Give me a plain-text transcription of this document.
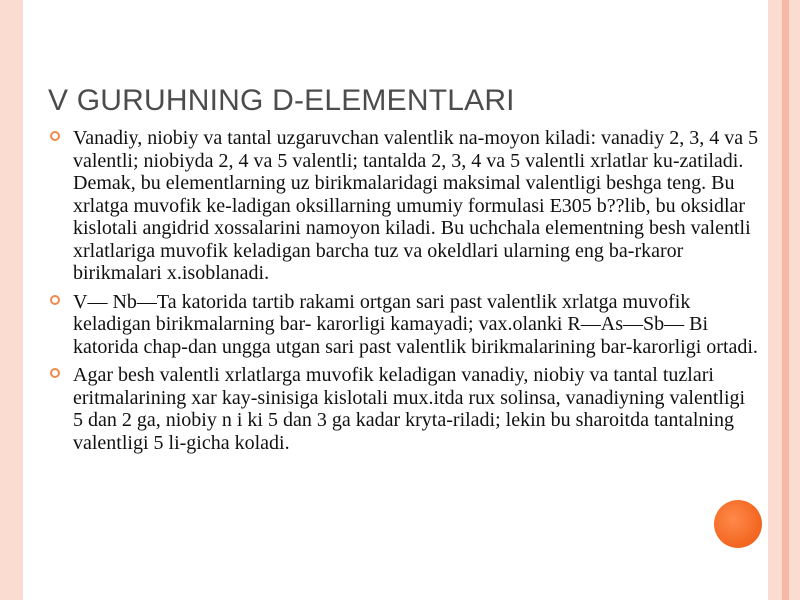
V GURUHNING D-ELEMENTLARI
Vanadiy, niobiy va tantal uzgaruvchan valentlik na-moyon kiladi: vanadiy 2, 3, 4 va 5 valentli; niobiyda 2, 4 va 5 valentli; tantalda 2, 3, 4 va 5 valentli xrlatlar ku-zatiladi. Demak, bu elementlarning uz birikmalaridagi maksimal valentligi beshga teng. Bu xrlatga muvofik ke-ladigan oksillarning umumiy formulasi E305 b??lib, bu oksidlar kislotali angidrid xossalarini namoyon kiladi. Bu uchchala elementning besh valentli xrlatlariga muvofik keladigan barcha tuz va okeldlari ularning eng ba-rkaror birikmalari x.isoblanadi.
V— Nb—Ta katorida tartib rakami ortgan sari past valentlik xrlatga muvofik keladigan birikmalarning bar- karorligi kamayadi; vax.olanki R—As—Sb— Bi katorida chap-dan ungga utgan sari past valentlik birikmalarining bar-karorligi ortadi.
Agar besh valentli xrlatlarga muvofik keladigan vanadiy, niobiy va tantal tuzlari eritmalarining xar kay-sinisiga kislotali mux.itda rux solinsa, vanadiyning valentligi 5 dan 2 ga, niobiy n i ki 5 dan 3 ga kadar kryta-riladi; lekin bu sharoitda tantalning valentligi 5 li-gicha koladi.
